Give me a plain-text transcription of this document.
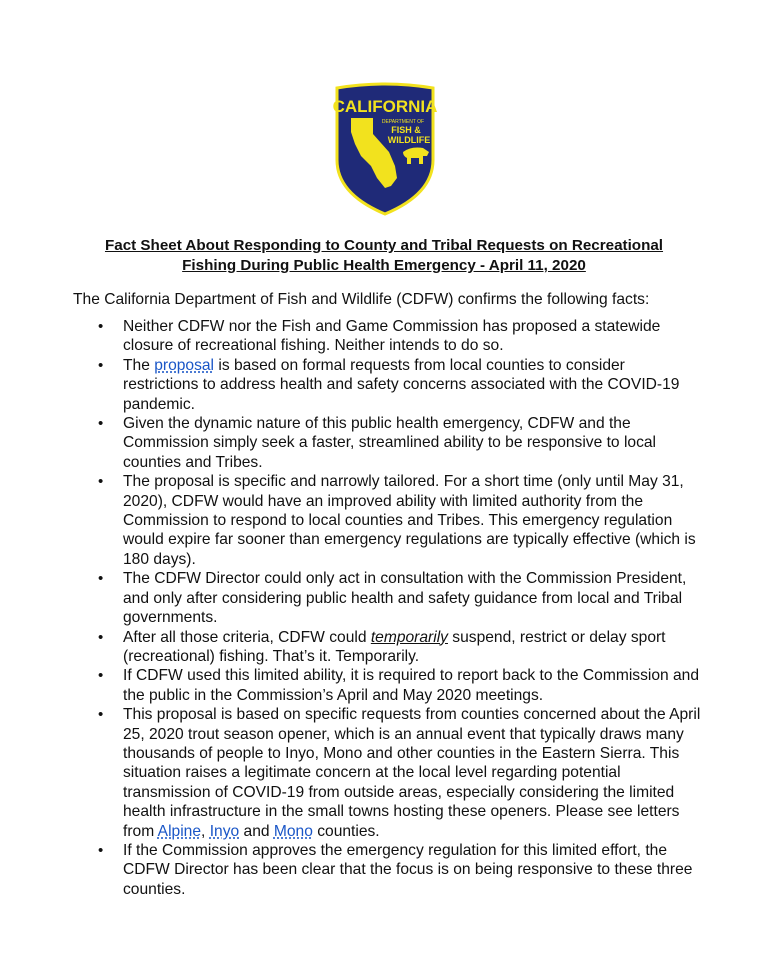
CALIFORNIA
DEPARTMENT OF
FISH &
WILDLIFE
Fact Sheet About Responding to County and Tribal Requests on Recreational
Fishing During Public Health Emergency - April 11, 2020
The California Department of Fish and Wildlife (CDFW) confirms the following facts:
• Neither CDFW nor the Fish and Game Commission has proposed a statewide closure of recreational fishing. Neither intends to do so.
• The proposal is based on formal requests from local counties to consider restrictions to address health and safety concerns associated with the COVID-19 pandemic.
• Given the dynamic nature of this public health emergency, CDFW and the Commission simply seek a faster, streamlined ability to be responsive to local counties and Tribes.
• The proposal is specific and narrowly tailored. For a short time (only until May 31, 2020), CDFW would have an improved ability with limited authority from the Commission to respond to local counties and Tribes. This emergency regulation would expire far sooner than emergency regulations are typically effective (which is 180 days).
• The CDFW Director could only act in consultation with the Commission President, and only after considering public health and safety guidance from local and Tribal governments.
• After all those criteria, CDFW could temporarily suspend, restrict or delay sport (recreational) fishing. That’s it. Temporarily.
• If CDFW used this limited ability, it is required to report back to the Commission and the public in the Commission’s April and May 2020 meetings.
• This proposal is based on specific requests from counties concerned about the April 25, 2020 trout season opener, which is an annual event that typically draws many thousands of people to Inyo, Mono and other counties in the Eastern Sierra. This situation raises a legitimate concern at the local level regarding potential transmission of COVID-19 from outside areas, especially considering the limited health infrastructure in the small towns hosting these openers. Please see letters from Alpine, Inyo and Mono counties.
• If the Commission approves the emergency regulation for this limited effort, the CDFW Director has been clear that the focus is on being responsive to these three counties.
